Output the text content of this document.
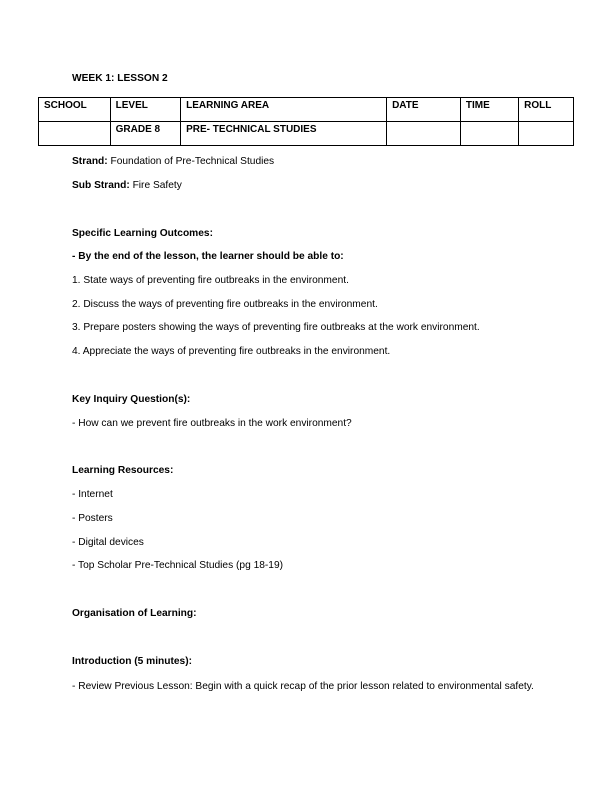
WEEK 1: LESSON 2
SCHOOL	LEVEL	LEARNING AREA	DATE	TIME	ROLL
	GRADE 8	PRE- TECHNICAL STUDIES			
Strand: Foundation of Pre-Technical Studies
Sub Strand: Fire Safety
Specific Learning Outcomes:
- By the end of the lesson, the learner should be able to:
1. State ways of preventing fire outbreaks in the environment.
2. Discuss the ways of preventing fire outbreaks in the environment.
3. Prepare posters showing the ways of preventing fire outbreaks at the work environment.
4. Appreciate the ways of preventing fire outbreaks in the environment.
Key Inquiry Question(s):
- How can we prevent fire outbreaks in the work environment?
Learning Resources:
- Internet
- Posters
- Digital devices
- Top Scholar Pre-Technical Studies (pg 18-19)
Organisation of Learning:
Introduction (5 minutes):
- Review Previous Lesson: Begin with a quick recap of the prior lesson related to environmental safety.
